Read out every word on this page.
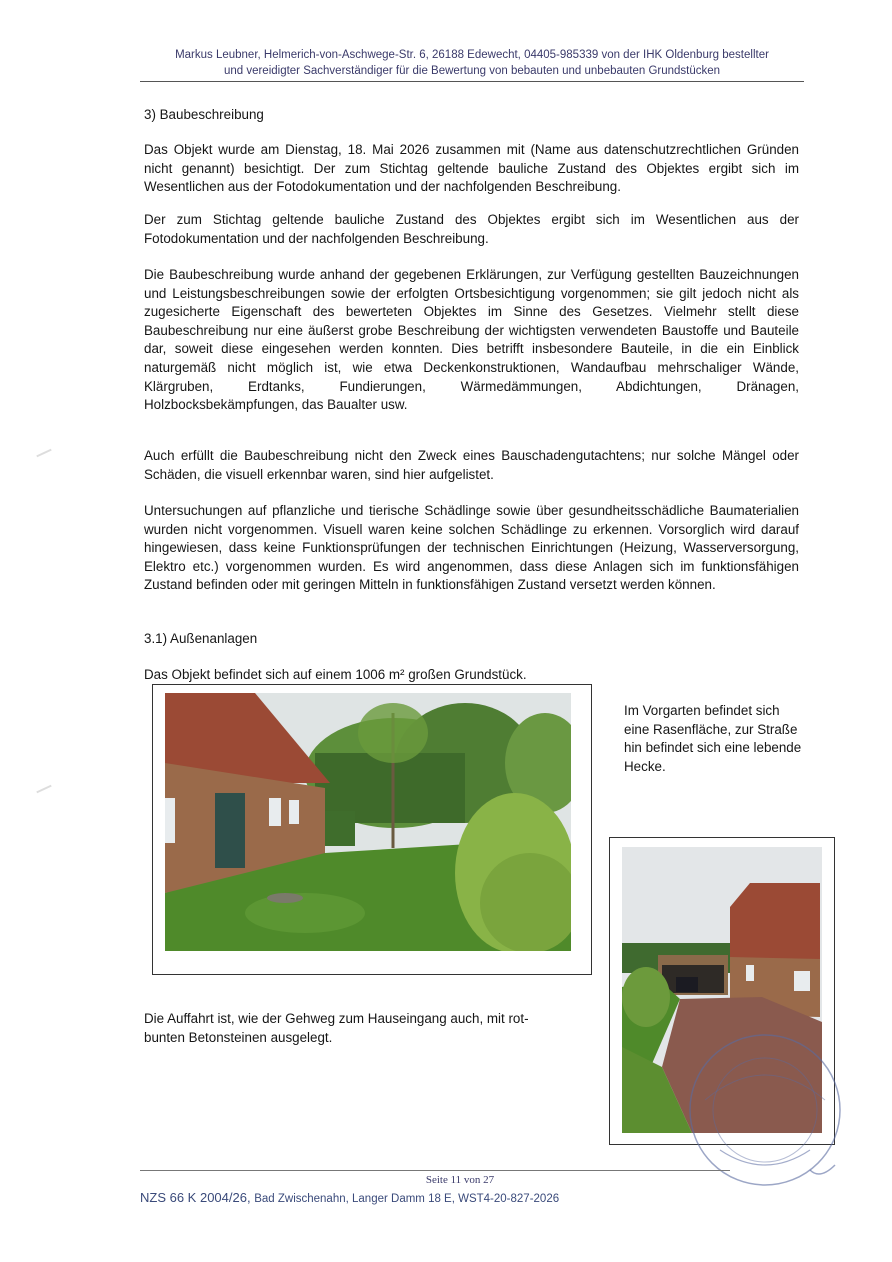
Markus Leubner, Helmerich-von-Aschwege-Str. 6, 26188 Edewecht, 04405-985339 von der IHK Oldenburg bestellter
und vereidigter Sachverständiger für die Bewertung von bebauten und unbebauten Grundstücken
3) Baubeschreibung
Das Objekt wurde am Dienstag, 18. Mai 2026 zusammen mit (Name aus datenschutzrechtlichen Gründen nicht genannt) besichtigt. Der zum Stichtag geltende bauliche Zustand des Objektes ergibt sich im Wesentlichen aus der Fotodokumentation und der nachfolgenden Beschreibung.
Der zum Stichtag geltende bauliche Zustand des Objektes ergibt sich im Wesentlichen aus der Fotodokumentation und der nachfolgenden Beschreibung.
Die Baubeschreibung wurde anhand der gegebenen Erklärungen, zur Verfügung gestellten Bauzeichnungen und Leistungsbeschreibungen sowie der erfolgten Ortsbesichtigung vorgenommen; sie gilt jedoch nicht als zugesicherte Eigenschaft des bewerteten Objektes im Sinne des Gesetzes. Vielmehr stellt diese Baubeschreibung nur eine äußerst grobe Beschreibung der wichtigsten verwendeten Baustoffe und Bauteile dar, soweit diese eingesehen werden konnten. Dies betrifft insbesondere Bauteile, in die ein Einblick naturgemäß nicht möglich ist, wie etwa Deckenkonstruktionen, Wandaufbau mehrschaliger Wände, Klärgruben, Erdtanks, Fundierungen, Wärmedämmungen, Abdichtungen, Dränagen, Holzbocksbekämpfungen, das Baualter usw.
Auch erfüllt die Baubeschreibung nicht den Zweck eines Bauschadengutachtens; nur solche Mängel oder Schäden, die visuell erkennbar waren, sind hier aufgelistet.
Untersuchungen auf pflanzliche und tierische Schädlinge sowie über gesundheitsschädliche Baumaterialien wurden nicht vorgenommen. Visuell waren keine solchen Schädlinge zu erkennen. Vorsorglich wird darauf hingewiesen, dass keine Funktionsprüfungen der technischen Einrichtungen (Heizung, Wasserversorgung, Elektro etc.) vorgenommen wurden. Es wird angenommen, dass diese Anlagen sich im funktionsfähigen Zustand befinden oder mit geringen Mitteln in funktionsfähigen Zustand versetzt werden können.
3.1) Außenanlagen
Das Objekt befindet sich auf einem 1006 m² großen Grundstück.
Im Vorgarten befindet sich eine Rasenfläche, zur Straße hin befindet sich eine lebende Hecke.
Die Auffahrt ist, wie der Gehweg zum Hauseingang auch, mit rot-bunten Betonsteinen ausgelegt.
Seite 11 von 27
NZS 66 K 2004/26, Bad Zwischenahn, Langer Damm 18 E, WST4-20-827-2026
